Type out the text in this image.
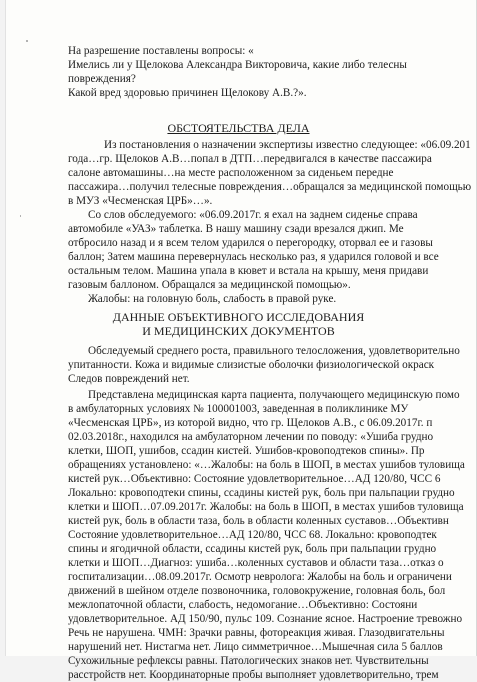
На разрешение поставлены вопросы: «
Имелись ли у Щелокова Александра Викторовича, какие либо телесны
повреждения?
Какой вред здоровью причинен Щелокову А.В.?».
ОБСТОЯТЕЛЬСТВА ДЕЛА
Из постановления о назначении экспертизы известно следующее: «06.09.201
года…гр. Щелоков А.В…попал в ДТП…передвигался в качестве пассажира
салоне автомашины…на месте расположенном за сиденьем передне
пассажира…получил телесные повреждения…обращался за медицинской помощью
в МУЗ «Чесменская ЦРБ»…».
Со слов обследуемого: «06.09.2017г. я ехал на заднем сиденье справа
автомобиле «УАЗ» таблетка. В нашу машину сзади врезался джип. Ме
отбросило назад и я всем телом ударился о перегородку, оторвал ее и газовы
баллон; Затем машина перевернулась несколько раз, я ударился головой и все
остальным телом. Машина упала в кювет и встала на крышу, меня придави
газовым баллоном. Обращался за медицинской помощью».
Жалобы: на головную боль, слабость в правой руке.
ДАННЫЕ ОБЪЕКТИВНОГО ИССЛЕДОВАНИЯ
И МЕДИЦИНСКИХ ДОКУМЕНТОВ
Обследуемый среднего роста, правильного телосложения, удовлетворительно
упитанности. Кожа и видимые слизистые оболочки физиологической окраск
Следов повреждений нет.
Представлена медицинская карта пациента, получающего медицинскую помо
в амбулаторных условиях № 100001003, заведенная в поликлинике МУ
«Чесменская ЦРБ», из которой видно, что гр. Щелоков А.В., с 06.09.2017г. п
02.03.2018г., находился на амбулаторном лечении по поводу: «Ушиба грудно
клетки, ШОП, ушибов, ссадин кистей. Ушибов-кровоподтеков спины». Пр
обращениях установлено: «…Жалобы: на боль в ШОП, в местах ушибов туловища
кистей рук…Объективно: Состояние удовлетворительное…АД 120/80, ЧСС 6
Локально: кровоподтеки спины, ссадины кистей рук, боль при пальпации грудно
клетки и ШОП…07.09.2017г. Жалобы: на боль в ШОП, в местах ушибов туловища
кистей рук, боль в области таза, боль в области коленных суставов…Объективн
Состояние удовлетворительное…АД 120/80, ЧСС 68. Локально: кровоподтек
спины и ягодичной области, ссадины кистей рук, боль при пальпации грудно
клетки и ШОП…Диагноз: ушиба…коленных суставов и области таза…отказ о
госпитализации…08.09.2017г. Осмотр невролога: Жалобы на боль и ограничени
движений в шейном отделе позвоночника, головокружение, головная боль, бол
межлопаточной области, слабость, недомогание…Объективно: Состояни
удовлетворительное. АД 150/90, пульс 109. Сознание ясное. Настроение тревожно
Речь не нарушена. ЧМН: Зрачки равны, фотореакция живая. Глазодвигательны
нарушений нет. Нистагма нет. Лицо симметричное…Мышечная сила 5 баллов
Сухожильные рефлексы равны. Патологических знаков нет. Чувствительны
расстройств нет. Координаторные пробы выполняет удовлетворительно, трем
